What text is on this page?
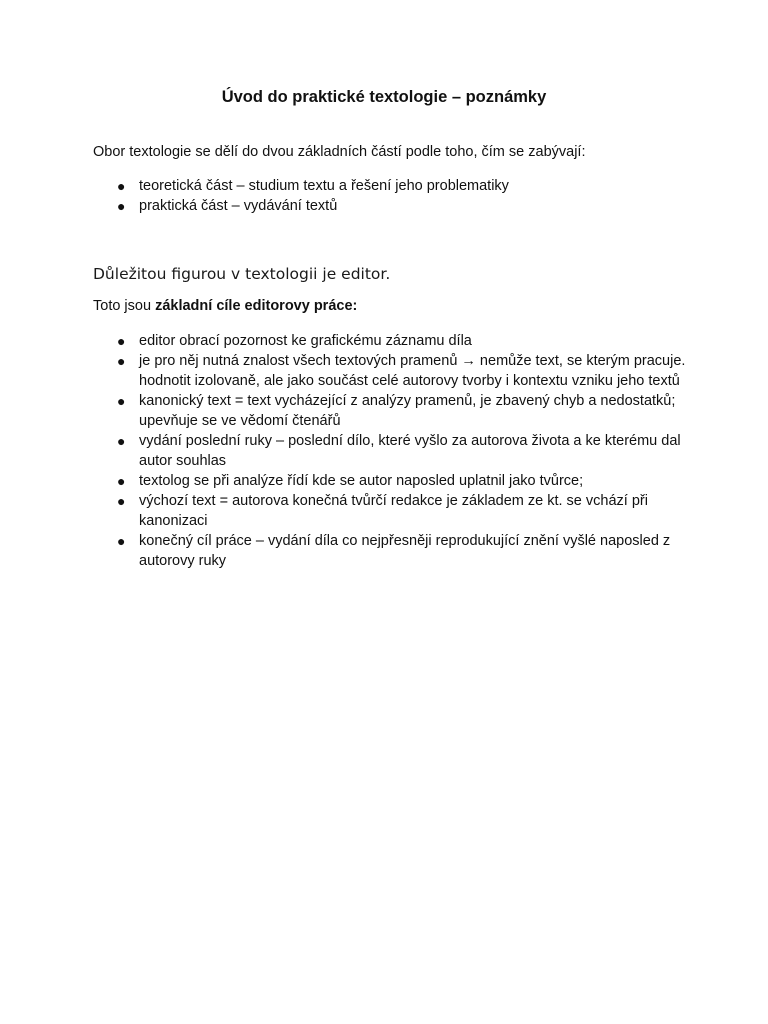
Úvod do praktické textologie – poznámky
Obor textologie se dělí do dvou základních částí podle toho, čím se zabývají:
● teoretická část – studium textu a řešení jeho problematiky
● praktická část – vydávání textů
Důležitou figurou v textologii je editor.
Toto jsou základní cíle editorovy práce:
● editor obrací pozornost ke grafickému záznamu díla
● je pro něj nutná znalost všech textových pramenů → nemůže text, se kterým pracuje. hodnotit izolovaně, ale jako součást celé autorovy tvorby i kontextu vzniku jeho textů
● kanonický text = text vycházející z analýzy pramenů, je zbavený chyb a nedostatků; upevňuje se ve vědomí čtenářů
● vydání poslední ruky – poslední dílo, které vyšlo za autorova života a ke kterému dal autor souhlas
● textolog se při analýze řídí kde se autor naposled uplatnil jako tvůrce;
● výchozí text = autorova konečná tvůrčí redakce je základem ze kt. se vchází při kanonizaci
● konečný cíl práce – vydání díla co nejpřesněji reprodukující znění vyšlé naposled z autorovy ruky
